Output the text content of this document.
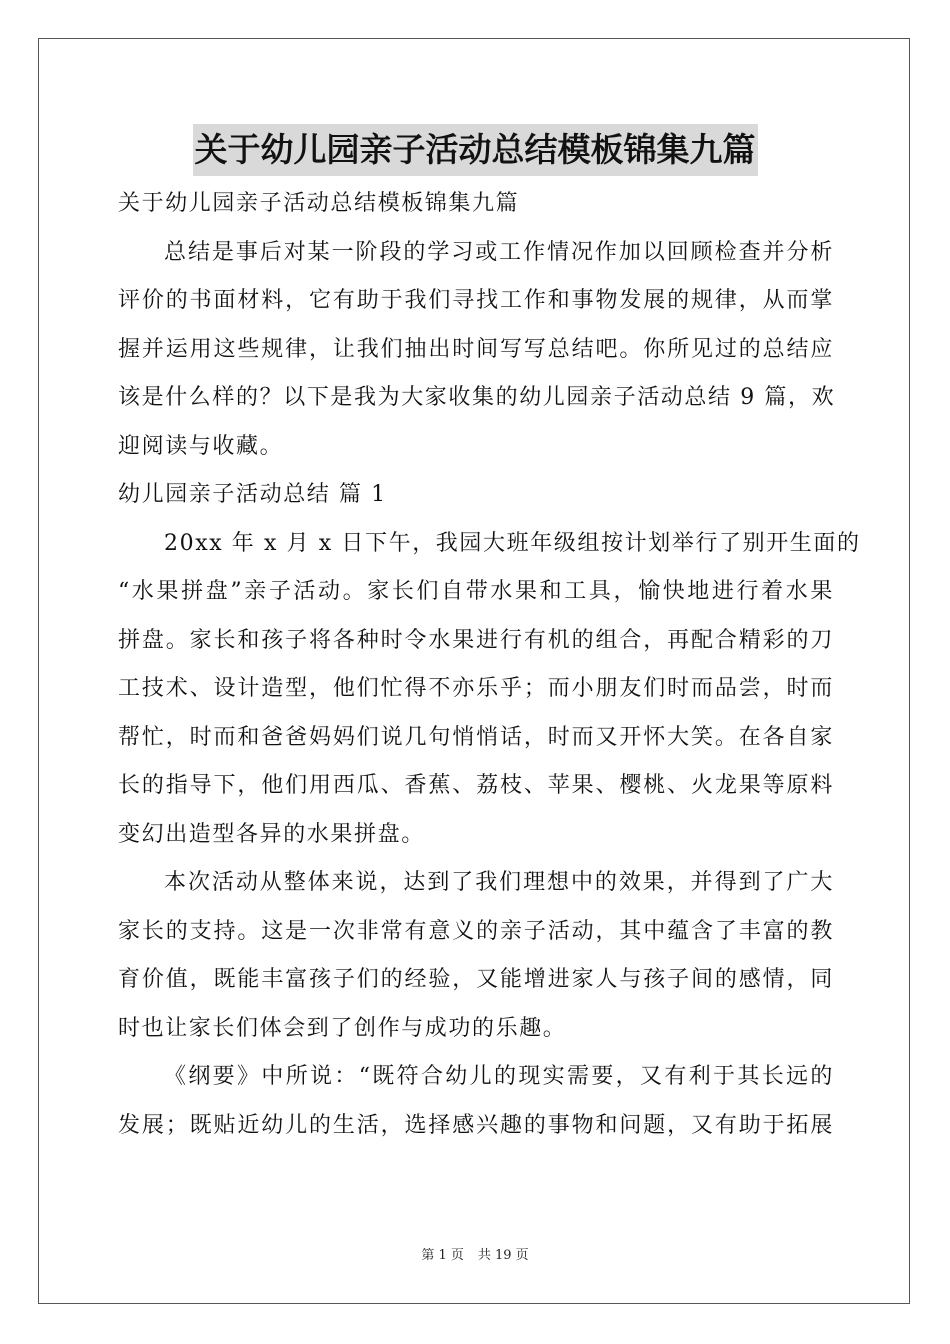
关于幼儿园亲子活动总结模板锦集九篇
关于幼儿园亲子活动总结模板锦集九篇
总结是事后对某一阶段的学习或工作情况作加以回顾检查并分析
评价的书面材料，它有助于我们寻找工作和事物发展的规律，从而掌
握并运用这些规律，让我们抽出时间写写总结吧。你所见过的总结应
该是什么样的？以下是我为大家收集的幼儿园亲子活动总结 9 篇，欢
迎阅读与收藏。
幼儿园亲子活动总结 篇 1
20xx 年 x 月 x 日下午，我园大班年级组按计划举行了别开生面的
“水果拼盘”亲子活动。家长们自带水果和工具，愉快地进行着水果
拼盘。家长和孩子将各种时令水果进行有机的组合，再配合精彩的刀
工技术、设计造型，他们忙得不亦乐乎；而小朋友们时而品尝，时而
帮忙，时而和爸爸妈妈们说几句悄悄话，时而又开怀大笑。在各自家
长的指导下，他们用西瓜、香蕉、荔枝、苹果、樱桃、火龙果等原料
变幻出造型各异的水果拼盘。
本次活动从整体来说，达到了我们理想中的效果，并得到了广大
家长的支持。这是一次非常有意义的亲子活动，其中蕴含了丰富的教
育价值，既能丰富孩子们的经验，又能增进家人与孩子间的感情，同
时也让家长们体会到了创作与成功的乐趣。
《纲要》中所说：“既符合幼儿的现实需要，又有利于其长远的
发展；既贴近幼儿的生活，选择感兴趣的事物和问题，又有助于拓展
第 1 页 共 19 页
